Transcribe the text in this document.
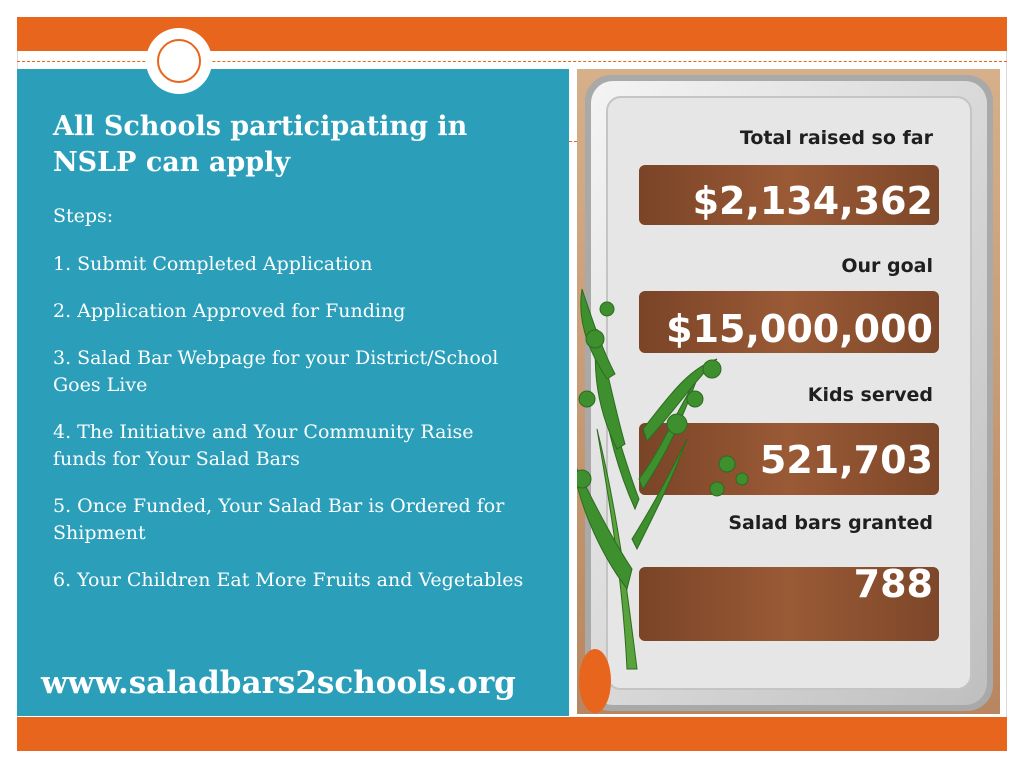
All Schools participating in NSLP can apply
Steps:
1. Submit Completed Application
2. Application Approved for Funding
3. Salad Bar Webpage for your District/School Goes Live
4. The Initiative and Your Community Raise funds for Your Salad Bars
5. Once Funded, Your Salad Bar is Ordered for Shipment
6. Your Children Eat More Fruits and Vegetables
www.saladbars2schools.org
Total raised so far
$2,134,362
Our goal
$15,000,000
Kids served
521,703
Salad bars granted
788
